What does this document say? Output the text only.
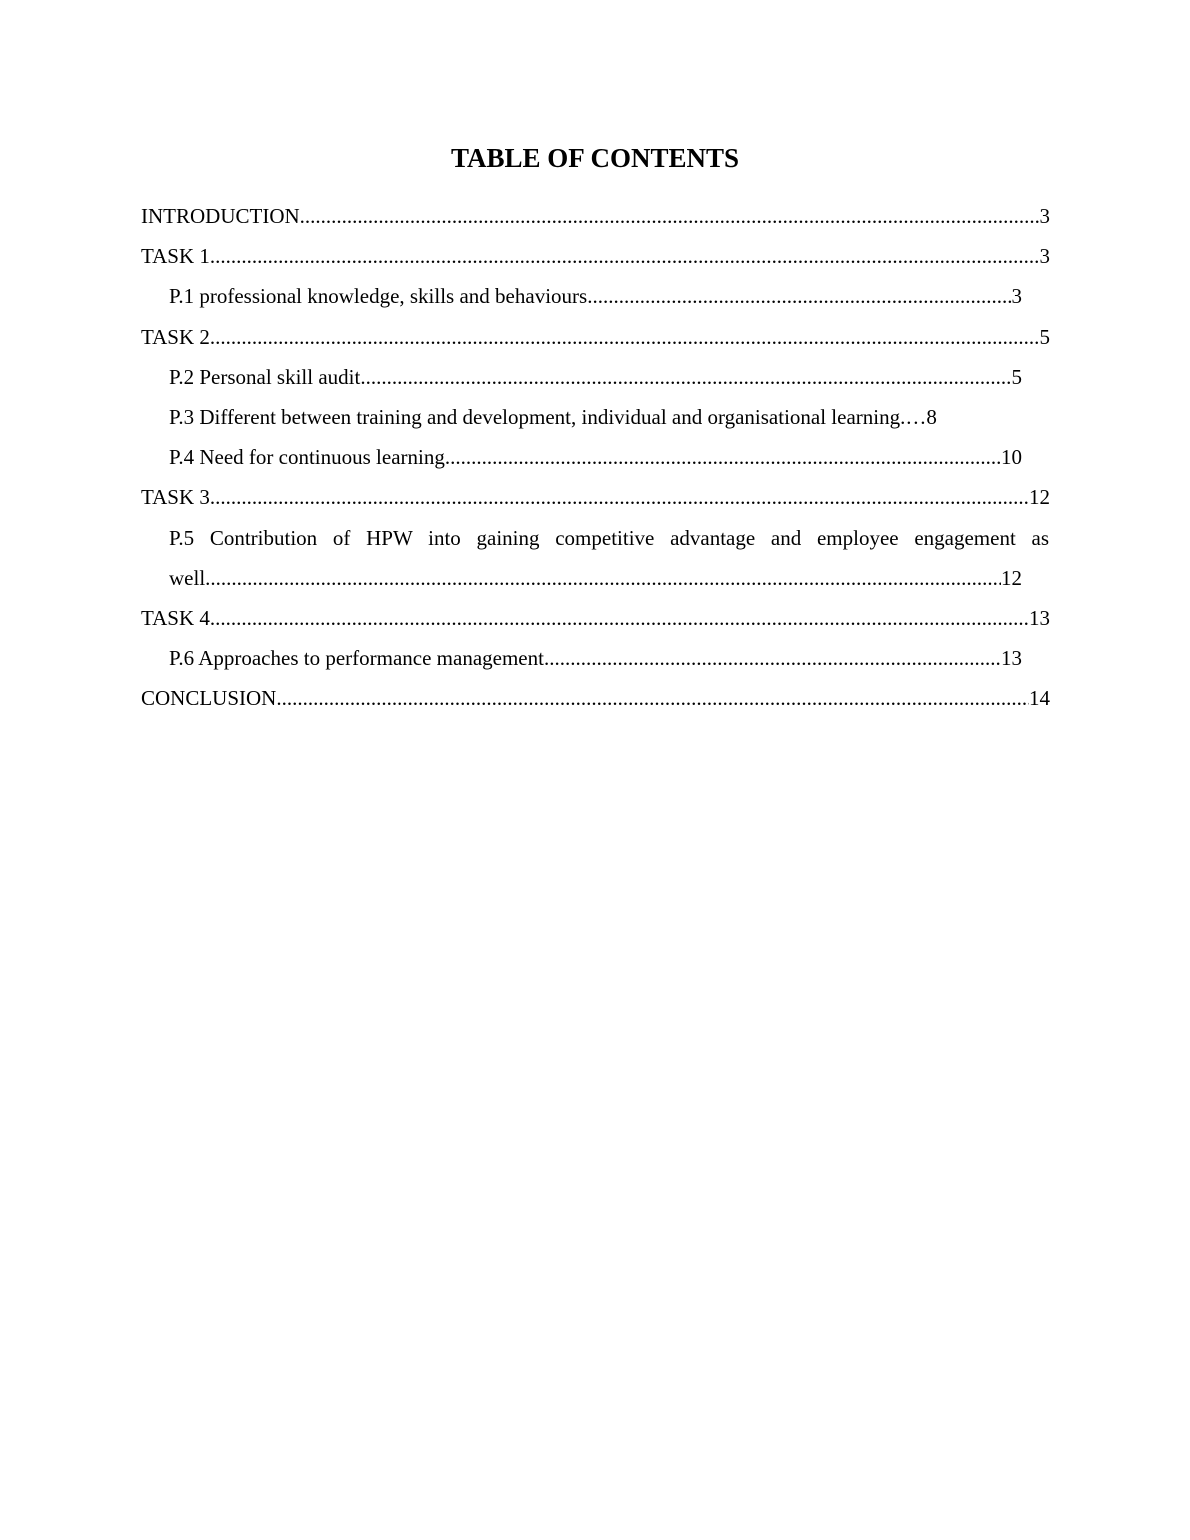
TABLE OF CONTENTS
INTRODUCTION .....	3
TASK 1 .....	3
P.1 professional knowledge, skills and behaviours .....	3
TASK 2 .....	5
P.2 Personal skill audit .....	5
P.3 Different between training and development, individual and organisational learning. … 8
P.4 Need for continuous learning .....	10
TASK 3 .....	12
P.5 Contribution of HPW into gaining competitive advantage and employee engagement as
well .....	12
TASK 4 .....	13
P.6 Approaches to performance management .....	13
CONCLUSION .....	14
